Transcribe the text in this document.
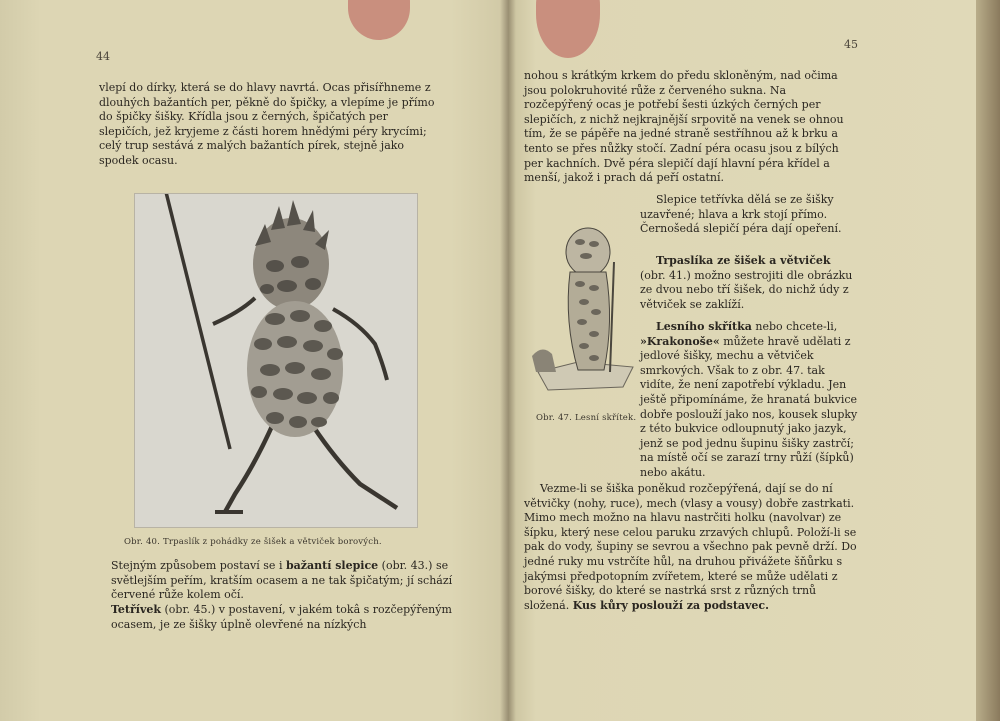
44

vlepí do dírky, která se do hlavy navrtá. Ocas přisířhneme z dlouhých bažantích per, pěkně do špičky, a vlepíme je přímo do špičky šišky. Křídla jsou z černých, špičatých per slepičích, jež kryjeme z části horem hnědými péry krycími; celý trup sestává z malých bažantích pírek, stejně jako spodek ocasu.

Obr. 40. Trpaslík z pohádky ze šišek a větviček borových.

Stejným způsobem postaví se i bažantí slepice (obr. 43.) se světlejším peřím, kratším ocasem a ne tak špičatým; jí schází červené růže kolem očí.

Tetřívek (obr. 45.) v postavení, v jakém tokâ s rozčepýřeným ocasem, je ze šišky úplně olevřené na nízkých

45

nohou s krátkým krkem do předu skloněným, nad očima jsou polokruhovité růže z červeného sukna. Na rozčepýřený ocas je potřebí šesti úzkých černých per slepičích, z nichž nejkrajnější srpovitě na venek se ohnou tím, že se pápěře na jedné straně sestříhnou až k brku a tento se přes nůžky stočí. Zadní péra ocasu jsou z bílých per kachních. Dvě péra slepičí dají hlavní péra křídel a menší, jakož i prach dá peří ostatní.

Slepice tetřívka dělá se ze šišky uzavřené; hlava a krk stojí přímo. Černošedá slepičí péra dají opeření.

Trpaslíka ze šišek a větviček (obr. 41.) možno sestrojiti dle obrázku ze dvou nebo tří šišek, do nichž údy z větviček se zaklíží.

Lesního skřítka nebo chcete-li, »Krakonoše« můžete hravě udělati z jedlové šišky, mechu a větviček smrkových. Však to z obr. 47. tak vidíte, že není zapotřebí výkladu. Jen ještě připomínáme, že hranatá bukvice dobře poslouží jako nos, kousek slupky z této bukvice odloupnutý jako jazyk, jenž se pod jednu šupinu šišky zastrčí; na místě očí se zarazí trny růží (šípků) nebo akátu.

Obr. 47. Lesní skřítek.

Vezme-li se šiška poněkud rozčepýřená, dají se do ní větvičky (nohy, ruce), mech (vlasy a vousy) dobře zastrkati. Mimo mech možno na hlavu nastrčiti holku (navolvar) ze šípku, který nese celou paruku zrzavých chlupů. Položí-li se pak do vody, šupiny se sevrou a všechno pak pevně drží. Do jedné ruky mu vstrčíte hůl, na druhou přivážete šňůrku s jakýmsi předpotopním zvířetem, které se může udělati z borové šišky, do které se nastrká srst z různých trnů složená. Kus kůry poslouží za podstavec.
